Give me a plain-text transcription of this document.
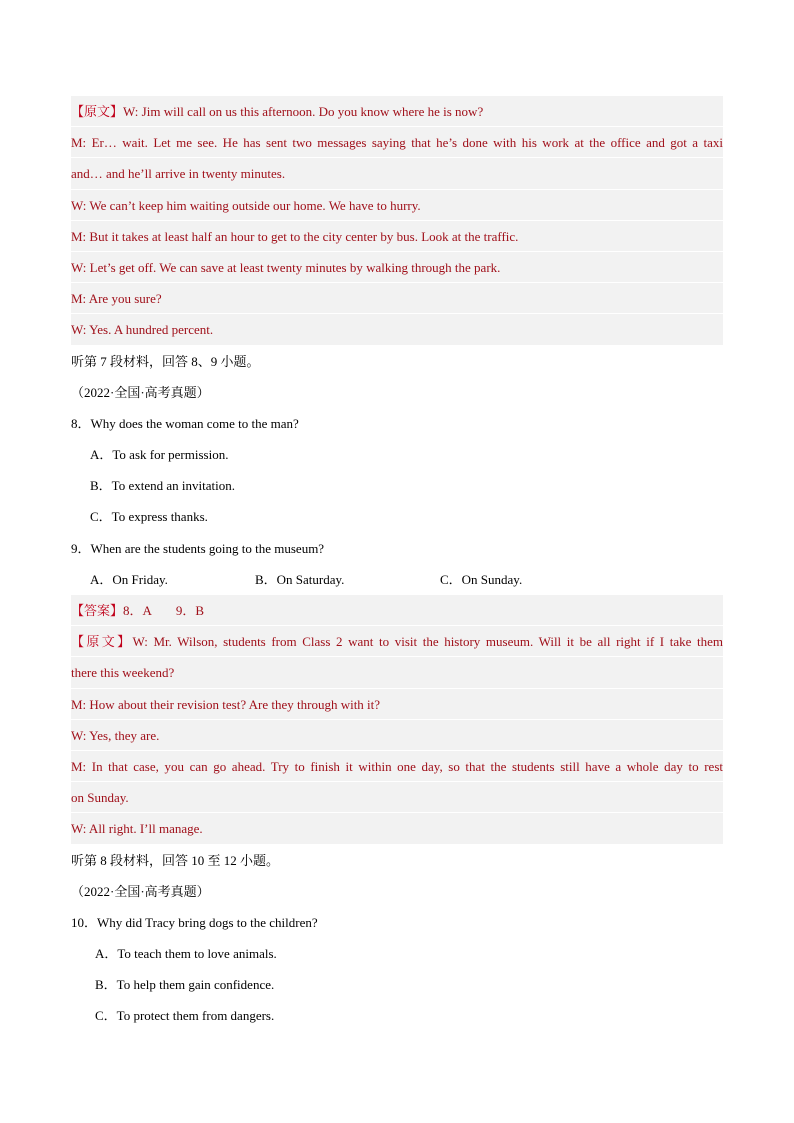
【原文】W: Jim will call on us this afternoon. Do you know where he is now?
M: Er… wait. Let me see. He has sent two messages saying that he’s done with his work at the office and got a taxi
and… and he’ll arrive in twenty minutes.
W: We can’t keep him waiting outside our home. We have to hurry.
M: But it takes at least half an hour to get to the city center by bus. Look at the traffic.
W: Let’s get off. We can save at least twenty minutes by walking through the park.
M: Are you sure?
W: Yes. A hundred percent.
听第 7 段材料，回答 8、9 小题。
（2022·全国·高考真题）
8．Why does the woman come to the man?
A．To ask for permission.
B．To extend an invitation.
C．To express thanks.
9．When are the students going to the museum?
A．On Friday.	B．On Saturday.	C．On Sunday.
【答案】8．A 9．B
【原文】W: Mr. Wilson, students from Class 2 want to visit the history museum. Will it be all right if I take them
there this weekend?
M: How about their revision test? Are they through with it?
W: Yes, they are.
M: In that case, you can go ahead. Try to finish it within one day, so that the students still have a whole day to rest
on Sunday.
W: All right. I’ll manage.
听第 8 段材料，回答 10 至 12 小题。
（2022·全国·高考真题）
10．Why did Tracy bring dogs to the children?
A．To teach them to love animals.
B．To help them gain confidence.
C．To protect them from dangers.
